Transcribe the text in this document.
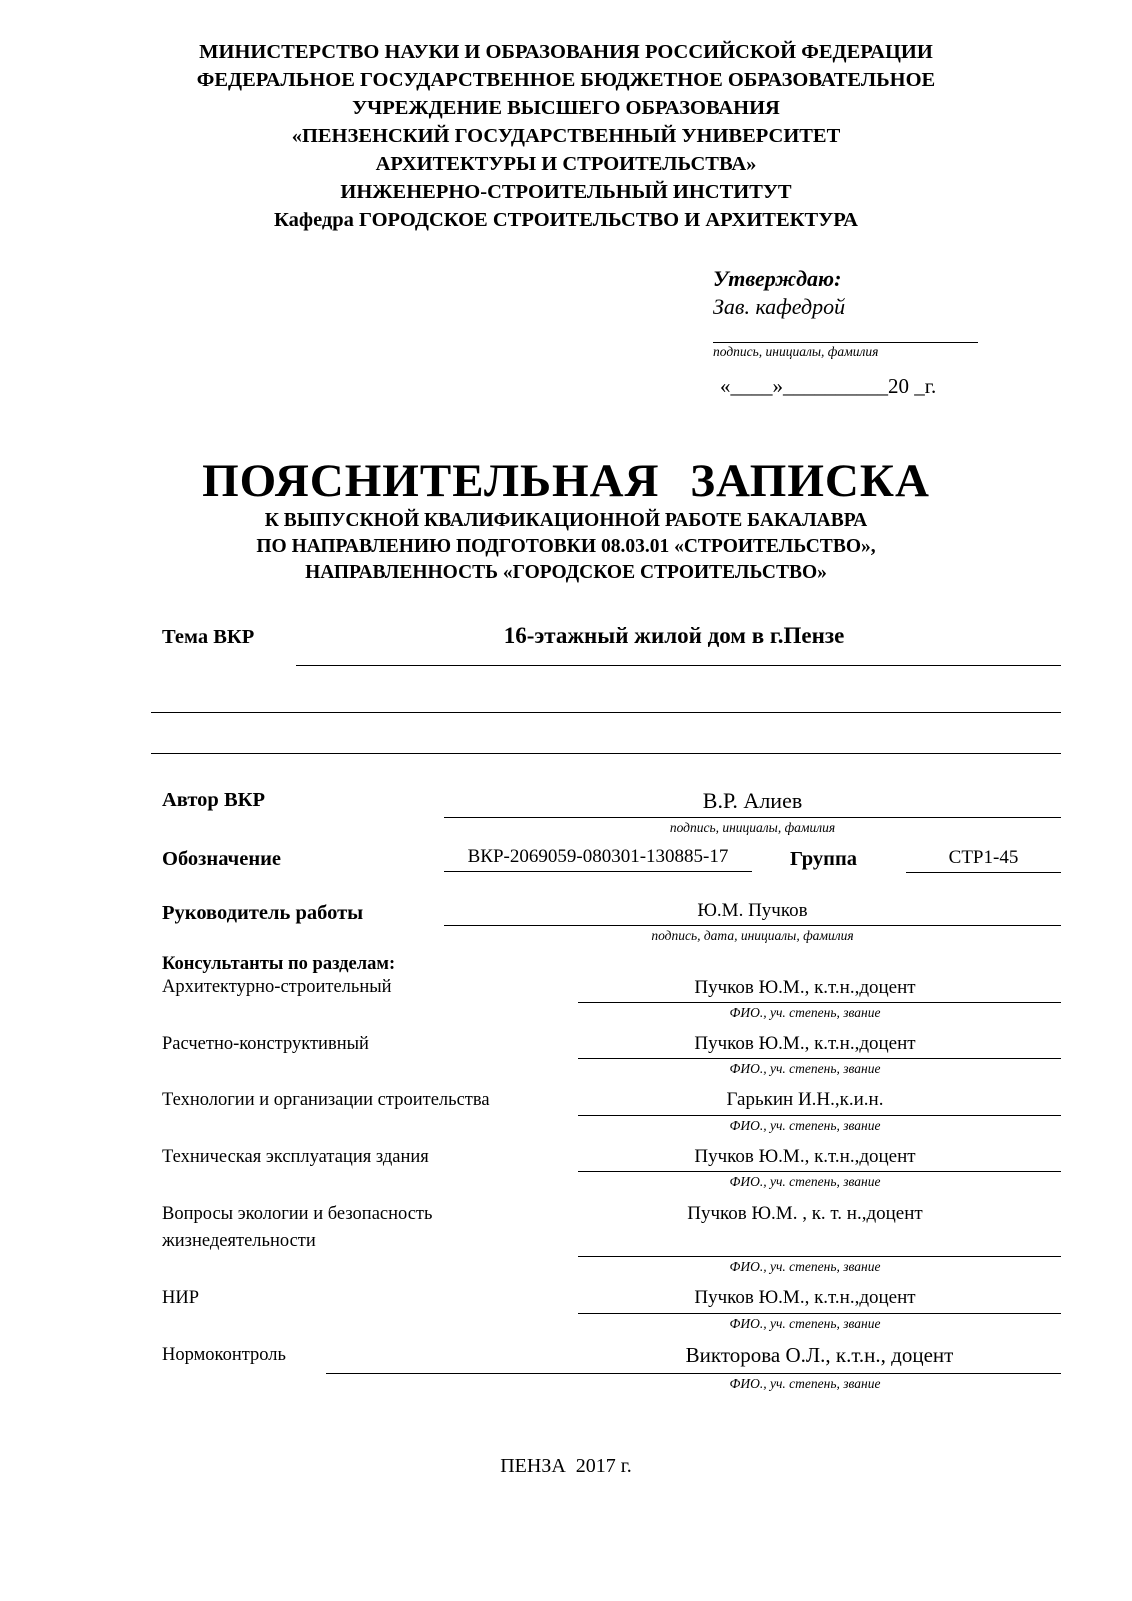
МИНИСТЕРСТВО НАУКИ И ОБРАЗОВАНИЯ РОССИЙСКОЙ ФЕДЕРАЦИИ
ФЕДЕРАЛЬНОЕ ГОСУДАРСТВЕННОЕ БЮДЖЕТНОЕ ОБРАЗОВАТЕЛЬНОЕ
УЧРЕЖДЕНИЕ ВЫСШЕГО ОБРАЗОВАНИЯ
«ПЕНЗЕНСКИЙ ГОСУДАРСТВЕННЫЙ УНИВЕРСИТЕТ
АРХИТЕКТУРЫ И СТРОИТЕЛЬСТВА»
ИНЖЕНЕРНО-СТРОИТЕЛЬНЫЙ ИНСТИТУТ
Кафедра ГОРОДСКОЕ СТРОИТЕЛЬСТВО И АРХИТЕКТУРА
Утверждаю:
Зав. кафедрой
подпись, инициалы, фамилия
«____»__________20 _г.
ПОЯСНИТЕЛЬНАЯ ЗАПИСКА
К ВЫПУСКНОЙ КВАЛИФИКАЦИОННОЙ РАБОТЕ БАКАЛАВРА
ПО НАПРАВЛЕНИЮ ПОДГОТОВКИ 08.03.01 «СТРОИТЕЛЬСТВО»,
НАПРАВЛЕННОСТЬ «ГОРОДСКОЕ СТРОИТЕЛЬСТВО»
Тема ВКР	16-этажный жилой дом в г.Пензе
Автор ВКР	В.Р. Алиев
подпись, инициалы, фамилия
Обозначение	ВКР-2069059-080301-130885-17	Группа	СТР1-45
Руководитель работы	Ю.М. Пучков
подпись, дата, инициалы, фамилия
Консультанты по разделам:
Архитектурно-строительный	Пучков Ю.М., к.т.н.,доцент
ФИО., уч. степень, звание
Расчетно-конструктивный	Пучков Ю.М., к.т.н.,доцент
ФИО., уч. степень, звание
Технологии и организации строительства	Гарькин И.Н.,к.и.н.
ФИО., уч. степень, звание
Техническая эксплуатация здания	Пучков Ю.М., к.т.н.,доцент
ФИО., уч. степень, звание
Вопросы экологии и безопасность
жизнедеятельности
Пучков Ю.М. , к. т. н.,доцент
ФИО., уч. степень, звание
НИР	Пучков Ю.М., к.т.н.,доцент
ФИО., уч. степень, звание
Нормоконтроль	Викторова О.Л., к.т.н., доцент
ФИО., уч. степень, звание
ПЕНЗА  2017 г.
